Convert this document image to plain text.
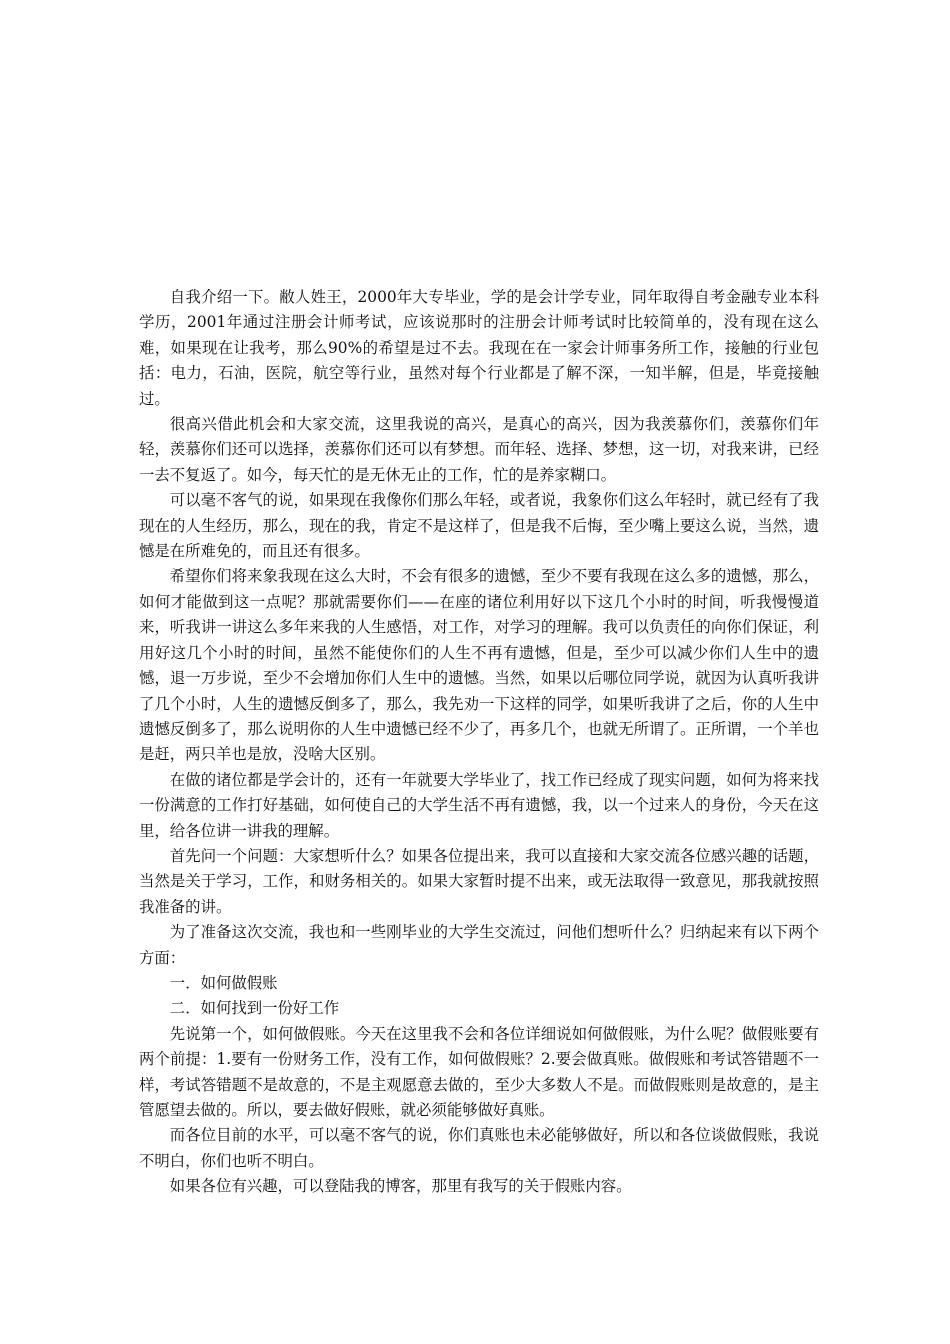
自我介绍一下。敝人姓王，2000年大专毕业，学的是会计学专业，同年取得自考金融专业本科学历，2001年通过注册会计师考试，应该说那时的注册会计师考试时比较简单的，没有现在这么难，如果现在让我考，那么90%的希望是过不去。我现在在一家会计师事务所工作，接触的行业包括：电力，石油，医院，航空等行业，虽然对每个行业都是了解不深，一知半解，但是，毕竟接触过。

很高兴借此机会和大家交流，这里我说的高兴，是真心的高兴，因为我羡慕你们，羡慕你们年轻，羡慕你们还可以选择，羡慕你们还可以有梦想。而年轻、选择、梦想，这一切，对我来讲，已经一去不复返了。如今，每天忙的是无休无止的工作，忙的是养家糊口。

可以毫不客气的说，如果现在我像你们那么年轻，或者说，我象你们这么年轻时，就已经有了我现在的人生经历，那么，现在的我，肯定不是这样了，但是我不后悔，至少嘴上要这么说，当然，遗憾是在所难免的，而且还有很多。

希望你们将来象我现在这么大时，不会有很多的遗憾，至少不要有我现在这么多的遗憾，那么，如何才能做到这一点呢？那就需要你们——在座的诸位利用好以下这几个小时的时间，听我慢慢道来，听我讲一讲这么多年来我的人生感悟，对工作，对学习的理解。我可以负责任的向你们保证，利用好这几个小时的时间，虽然不能使你们的人生不再有遗憾，但是，至少可以减少你们人生中的遗憾，退一万步说，至少不会增加你们人生中的遗憾。当然，如果以后哪位同学说，就因为认真听我讲了几个小时，人生的遗憾反倒多了，那么，我先劝一下这样的同学，如果听我讲了之后，你的人生中遗憾反倒多了，那么说明你的人生中遗憾已经不少了，再多几个，也就无所谓了。正所谓，一个羊也是赶，两只羊也是放，没啥大区别。

在做的诸位都是学会计的，还有一年就要大学毕业了，找工作已经成了现实问题，如何为将来找一份满意的工作打好基础，如何使自己的大学生活不再有遗憾，我，以一个过来人的身份，今天在这里，给各位讲一讲我的理解。

首先问一个问题：大家想听什么？如果各位提出来，我可以直接和大家交流各位感兴趣的话题，当然是关于学习，工作，和财务相关的。如果大家暂时提不出来，或无法取得一致意见，那我就按照我准备的讲。

为了准备这次交流，我也和一些刚毕业的大学生交流过，问他们想听什么？归纳起来有以下两个方面：

一．如何做假账

二．如何找到一份好工作

先说第一个，如何做假账。今天在这里我不会和各位详细说如何做假账，为什么呢？做假账要有两个前提：1.要有一份财务工作，没有工作，如何做假账？2.要会做真账。做假账和考试答错题不一样，考试答错题不是故意的，不是主观愿意去做的，至少大多数人不是。而做假账则是故意的，是主管愿望去做的。所以，要去做好假账，就必须能够做好真账。

而各位目前的水平，可以毫不客气的说，你们真账也未必能够做好，所以和各位谈做假账，我说不明白，你们也听不明白。

如果各位有兴趣，可以登陆我的博客，那里有我写的关于假账内容。
